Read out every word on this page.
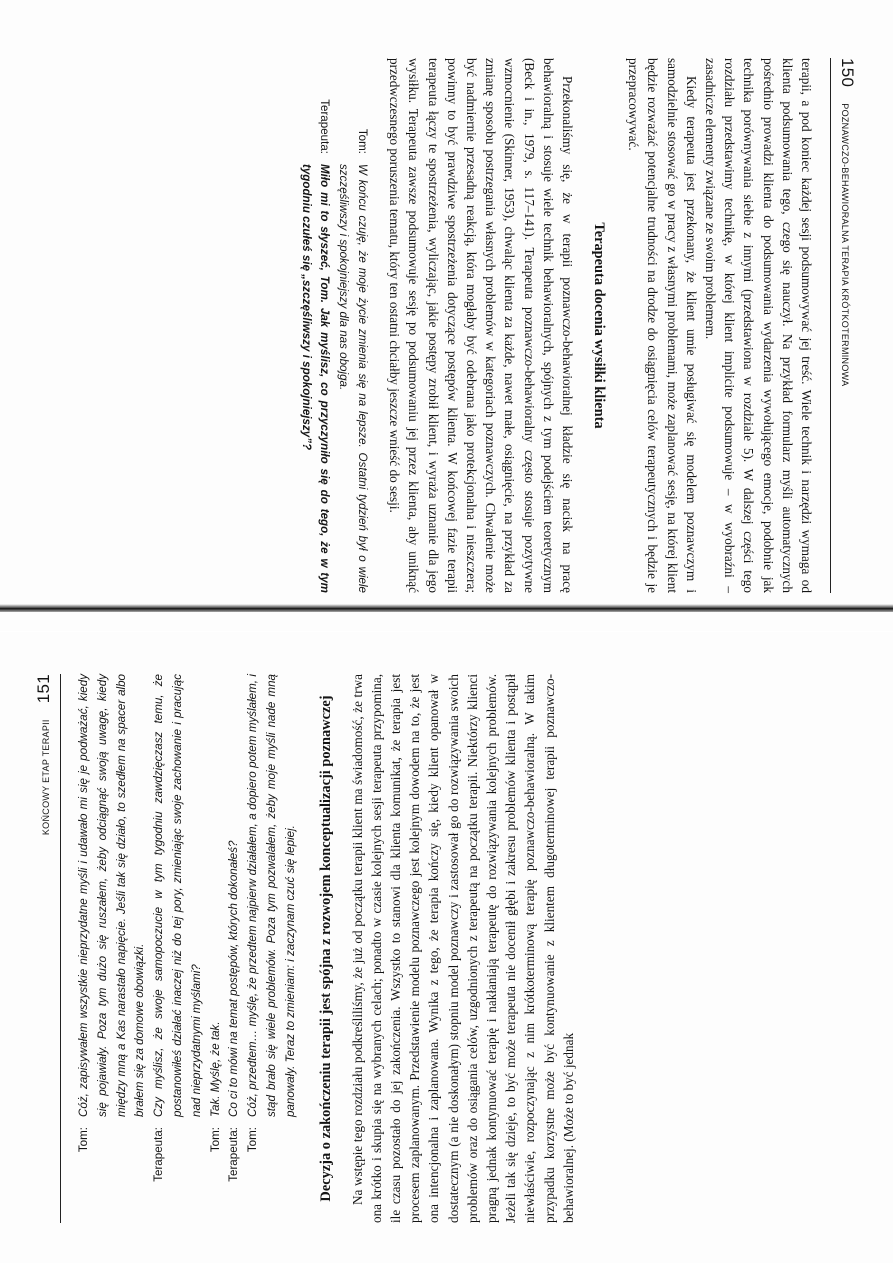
150
POZNAWCZO-BEHAWIORALNA TERAPIA KRÓTKOTERMINOWA

terapii, a pod koniec każdej sesji podsumowywać jej treść. Wiele technik i narzędzi wymaga od klienta podsumowania tego, czego się nauczył. Na przykład formularz myśli automatycznych pośrednio prowadzi klienta do podsumowania wydarzenia wywołującego emocje, podobnie jak technika porównywania siebie z innymi (przedstawiona w rozdziale 5). W dalszej części tego rozdziału przedstawimy technikę, w której klient implicite podsumowuje – w wyobraźni – zasadnicze elementy związane ze swoim problemem.

Kiedy terapeuta jest przekonany, że klient umie posługiwać się modelem poznawczym i samodzielnie stosować go w pracy z własnymi problemami, może zaplanować sesję, na której klient będzie rozważać potencjalne trudności na drodze do osiągnięcia celów terapeutycznych i będzie je przepracowywać.

Terapeuta docenia wysiłki klienta

Przekonaliśmy się, że w terapii poznawczo-behawioralnej kładzie się nacisk na pracę behawioralną i stosuje wiele technik behawioralnych, spójnych z tym podejściem teoretycznym (Beck i in., 1979, s. 117–141). Terapeuta poznawczo-behawioralny często stosuje pozytywne wzmocnienie (Skinner, 1953), chwaląc klienta za każde, nawet małe, osiągnięcie, na przykład za zmianę sposobu postrzegania własnych problemów w kategoriach poznawczych. Chwalenie może być nadmiernie przesadną reakcją, która mogłaby być odebrana jako protekcjonalna i nieszczera; powinny to być prawdziwe spostrzeżenia dotyczące postępów klienta. W końcowej fazie terapii terapeuta łączy te spostrzeżenia, wyliczając, jakie postępy zrobił klient, i wyraża uznanie dla jego wysiłku. Terapeuta zawsze podsumowuje sesję po podsumowaniu jej przez klienta, aby uniknąć przedwczesnego poruszenia tematu, który ten ostatni chciałby jeszcze wnieść do sesji.

Tom:
W końcu czuję, że moje życie zmienia się na lepsze. Ostatni tydzień był o wiele szczęśliwszy i spokojniejszy dla nas obojga.
Terapeuta:
Miło mi to słyszeć, Tom. Jak myślisz, co przyczyniło się do tego, że w tym tygodniu czułeś się „szczęśliwszy i spokojniejszy”?
KOŃCOWY ETAP TERAPII
151
Tom:
Cóż, zapisywałem wszystkie nieprzydatne myśli i udawało mi się je podważać, kiedy się pojawiały. Poza tym dużo się ruszałem, żeby odciągnąć swoją uwagę, kiedy między mną a Kas narastało napięcie. Jeśli tak się działo, to szedłem na spacer albo brałem się za domowe obowiązki.
Terapeuta:
Czy myślisz, że swoje samopoczucie w tym tygodniu zawdzięczasz temu, że postanowiłeś działać inaczej niż do tej pory, zmieniając swoje zachowanie i pracując nad nieprzydatnymi myślami?
Tom:
Tak. Myślę, że tak.
Terapeuta:
Co ci to mówi na temat postępów, których dokonałeś?
Tom:
Cóż, przedtem… myślę, że przedtem najpierw działałem, a dopiero potem myślałem, i stąd brało się wiele problemów. Poza tym pozwalałem, żeby moje myśli nade mną panowały. Teraz to zmieniam: i zaczynam czuć się lepiej. Decyzja o zakończeniu terapii jest spójna z rozwojem konceptualizacji poznawczej Na wstępie tego rozdziału podkreśliliśmy, że już od początku terapii klient ma świadomość, że trwa ona krótko i skupia się na wybranych celach; ponadto w czasie kolejnych sesji terapeuta przypomina, ile czasu pozostało do jej zakończenia. Wszystko to stanowi dla klienta komunikat, że terapia jest procesem zaplanowanym. Przedstawienie modelu poznawczego jest kolejnym dowodem na to, że jest ona intencjonalna i zaplanowana. Wynika z tego, że terapia kończy się, kiedy klient opanował w dostatecznym (a nie doskonałym) stopniu model poznawczy i zastosował go do rozwiązywania swoich problemów oraz do osiągania celów, uzgodnionych z terapeutą na początku terapii. Niektórzy klienci pragną jednak kontynuować terapię i nakłaniają terapeutę do rozwiązywania kolejnych problemów. Jeżeli tak się dzieje, to być może terapeuta nie docenił głębi i zakresu problemów klienta i postąpił niewłaściwie, rozpoczynając z nim krótkoterminową terapię poznawczo-behawioralną. W takim przypadku korzystne może być kontynuowanie z klientem długoterminowej terapii poznawczo-behawioralnej. (Może to być jednak
